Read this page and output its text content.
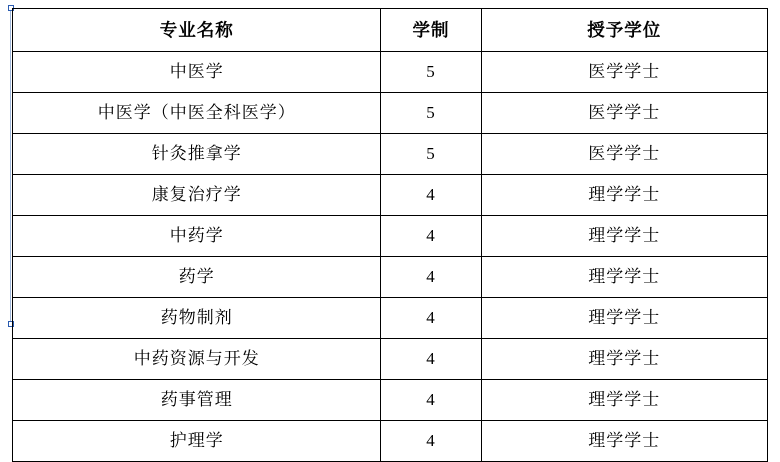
专业名称	学制	授予学位
中医学	5	医学学士
中医学（中医全科医学）	5	医学学士
针灸推拿学	5	医学学士
康复治疗学	4	理学学士
中药学	4	理学学士
药学	4	理学学士
药物制剂	4	理学学士
中药资源与开发	4	理学学士
药事管理	4	理学学士
护理学	4	理学学士
